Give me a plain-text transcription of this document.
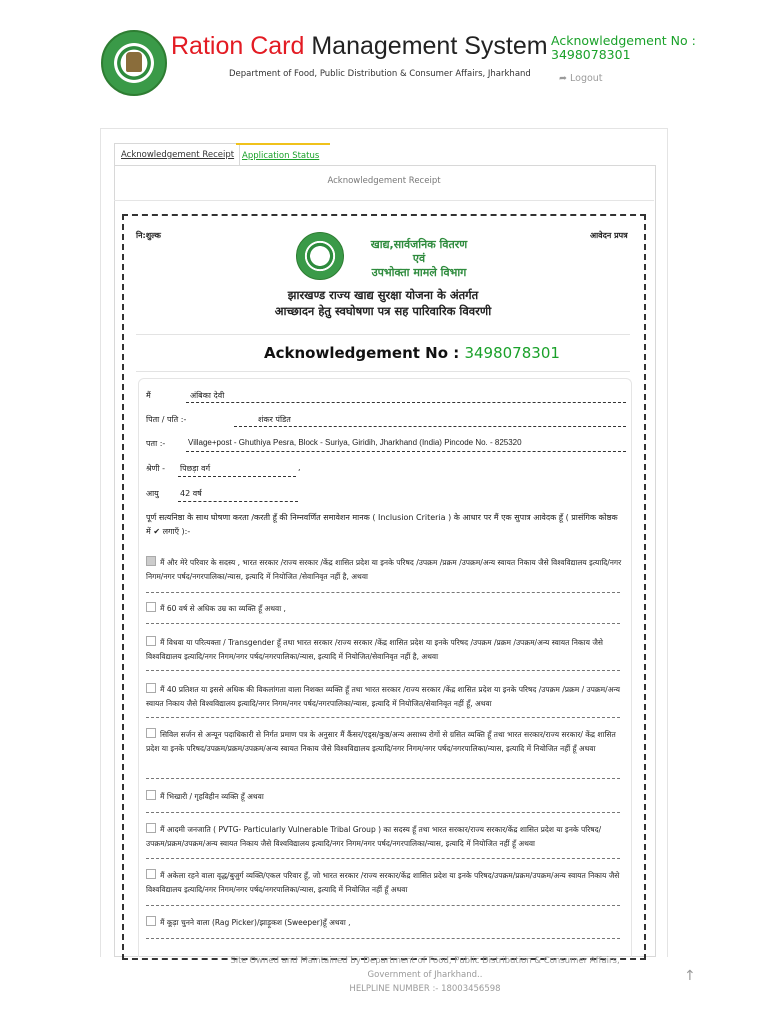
Ration Card Management System
Department of Food, Public Distribution & Consumer Affairs, Jharkhand
Acknowledgement No :
3498078301
➦ Logout
Acknowledgement Receipt Application Status
Acknowledgement Receipt
नि:शुल्क	आवेदन प्रपत्र
खाद्य,सार्वजनिक वितरण
एवं
उपभोक्ता मामले विभाग
झारखण्ड राज्य खाद्य सुरक्षा योजना के अंतर्गत
आच्छादन हेतु स्वघोषणा पत्र सह पारिवारिक विवरणी
Acknowledgement No : 3498078301
मैं	अंबिका देवी
पिता / पति :-	शंकर पंडित
पता :-	Village+post - Ghuthiya Pesra, Block - Suriya, Giridih, Jharkhand (India) Pincode No. - 825320
श्रेणी - पिछड़ा वर्ग	,
आयु	42 वर्ष
पूर्ण सत्यनिष्ठा के साथ घोषणा करता /करती हूँ की निम्नवर्णित समावेशन मानक ( Inclusion Criteria ) के आधार पर मैं एक सुपात्र आवेदक हूँ ( प्रासंगिक कोष्ठक में ✔ लगाएँ ):-
मैं और मेरे परिवार के सदस्य , भारत सरकार /राज्य सरकार /केंद्र शासित प्रदेश या इनके परिषद /उपक्रम /प्रक्रम /उपक्रम/अन्य स्वायत निकाय जैसे विश्वविद्यालय इत्यादि/नगर निगम/नगर पर्षद/नगरपालिका/न्यास, इत्यादि में नियोजित /सेवानिवृत नहीं है, अथवा
मैं 60 वर्ष से अधिक उम्र का व्यक्ति हूँ अथवा ,
मैं विधवा या परित्यक्ता / Transgender हूँ तथा भारत सरकार /राज्य सरकार /केंद्र शासित प्रदेश या इनके परिषद /उपक्रम /प्रक्रम /उपक्रम/अन्य स्वायत निकाय जैसे विश्वविद्यालय इत्यादि/नगर निगम/नगर पर्षद/नगरपालिका/न्यास, इत्यादि में नियोजित/सेवानिवृत नहीं है, अथवा
मैं 40 प्रतिशत या इससे अधिक की विकलांगता वाला निशक्त व्यक्ति हूँ तथा भारत सरकार /राज्य सरकार /केंद्र शासित प्रदेश या इनके परिषद /उपक्रम /प्रक्रम / उपक्रम/अन्य स्वायत निकाय जैसे विश्वविद्यालय इत्यादि/नगर निगम/नगर पर्षद/नगरपालिका/न्यास, इत्यादि में नियोजित/सेवानिवृत नहीं हूँ, अथवा
सिविल सर्जन से अन्यून पदाधिकारी से निर्गत प्रमाण पत्र के अनुसार मैं कैंसर/एड्स/कुष्ठ/अन्य असाध्य रोगों से ग्रसित व्यक्ति हूँ तथा भारत सरकार/राज्य सरकार/ केंद्र शासित प्रदेश या इनके परिषद/उपक्रम/प्रक्रम/उपक्रम/अन्य स्वायत निकाय जैसे विश्वविद्यालय इत्यादि/नगर निगम/नगर पर्षद/नगरपालिका/न्यास, इत्यादि में नियोजित नहीं हूँ अथवा
मैं भिखारी / गृहविहीन व्यक्ति हूँ अथवा
मैं आदमी जनजाति ( PVTG- Particularly Vulnerable Tribal Group ) का सदस्य हूँ तथा भारत सरकार/राज्य सरकार/केंद्र शासित प्रदेश या इनके परिषद/उपक्रम/प्रक्रम/उपक्रम/अन्य स्वायत निकाय जैसे विश्वविद्यालय इत्यादि/नगर निगम/नगर पर्षद/नगरपालिका/न्यास, इत्यादि में नियोजित नहीं हूँ अथवा
मैं अकेला रहने वाला वृद्ध/बुजुर्ग व्यक्ति/एकल परिवार हूँ, जो भारत सरकार /राज्य सरकार/केंद्र शासित प्रदेश या इनके परिषद/उपक्रम/प्रक्रम/उपक्रम/अन्य स्वायत निकाय जैसे विश्वविद्यालय इत्यादि/नगर निगम/नगर पर्षद/नगरपालिका/न्यास, इत्यादि में नियोजित नहीं हूँ अथवा
मैं कूड़ा चुनने वाला (Rag Picker)/झाड़ूकश (Sweeper)हूँ अथवा ,
Site Owned and Maintained by Department of Food, Public Distribution & Consumer Affairs,
Government of Jharkhand..
HELPLINE NUMBER :- 18003456598
↑
